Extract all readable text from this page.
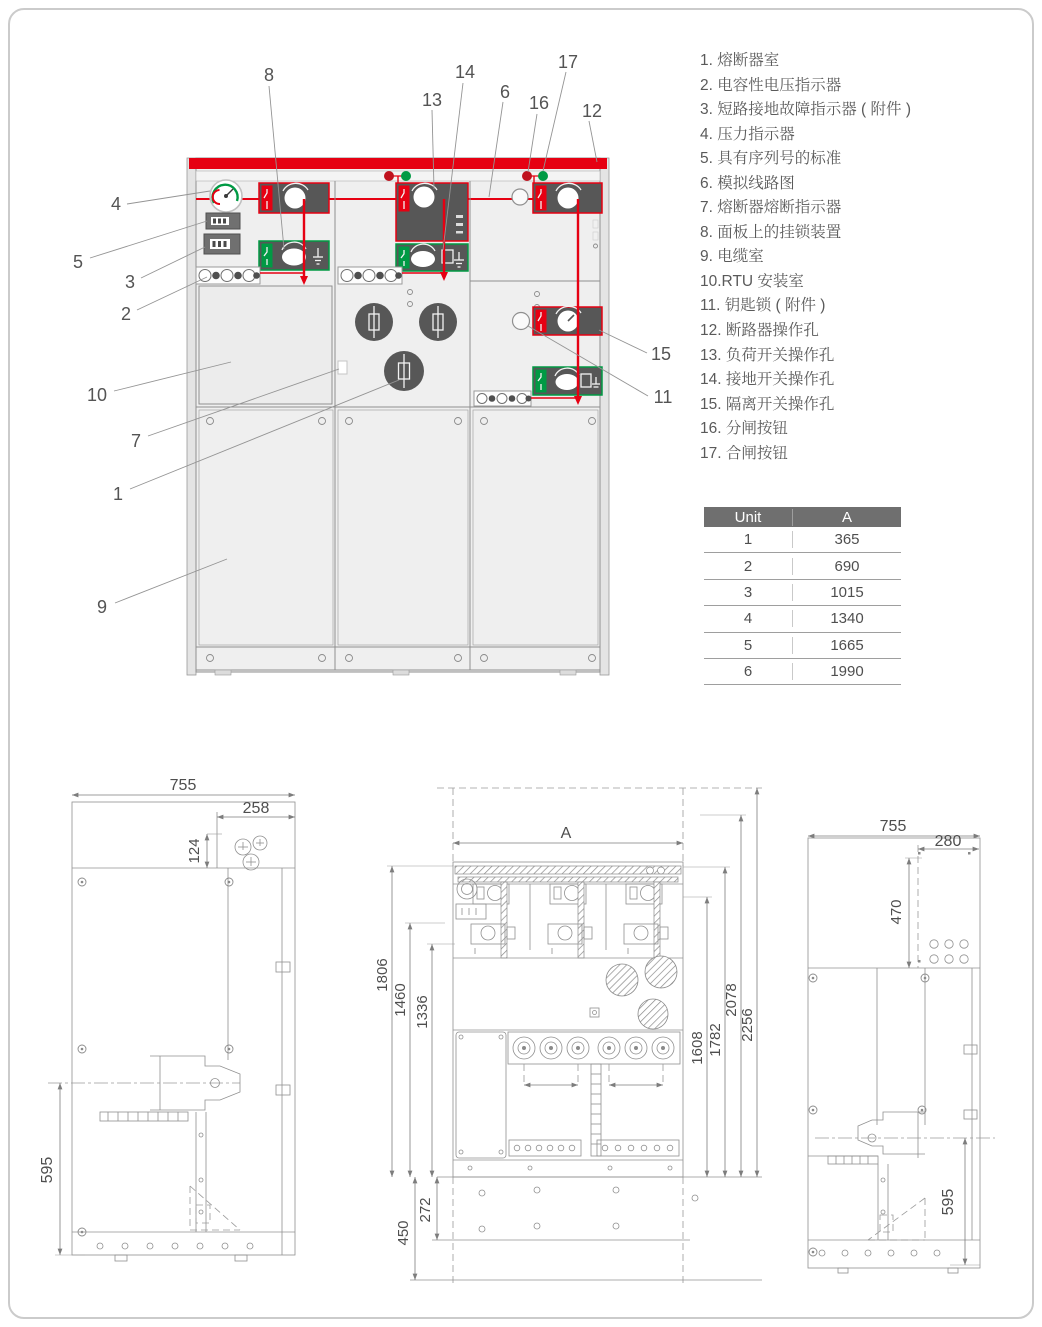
8
13
14
6
16
17
12
4
5
3
2
10
7
1
9
15
11
755
258
124
595
A
1806
1460 1336
1608 1782
2078
2256
450
272
755
280
470
595
1. 熔断器室
2. 电容性电压指示器
3. 短路接地故障指示器 ( 附件 )
4. 压力指示器
5. 具有序列号的标准
6. 模拟线路图
7. 熔断器熔断指示器
8. 面板上的挂锁装置
9. 电缆室
10.RTU 安装室
11. 钥匙锁 ( 附件 )
12. 断路器操作孔
13. 负荷开关操作孔
14. 接地开关操作孔
15. 隔离开关操作孔
16. 分闸按钮
17. 合闸按钮
Unit	A
1	365
2	690
3	1015
4	1340
5	1665
6	1990
